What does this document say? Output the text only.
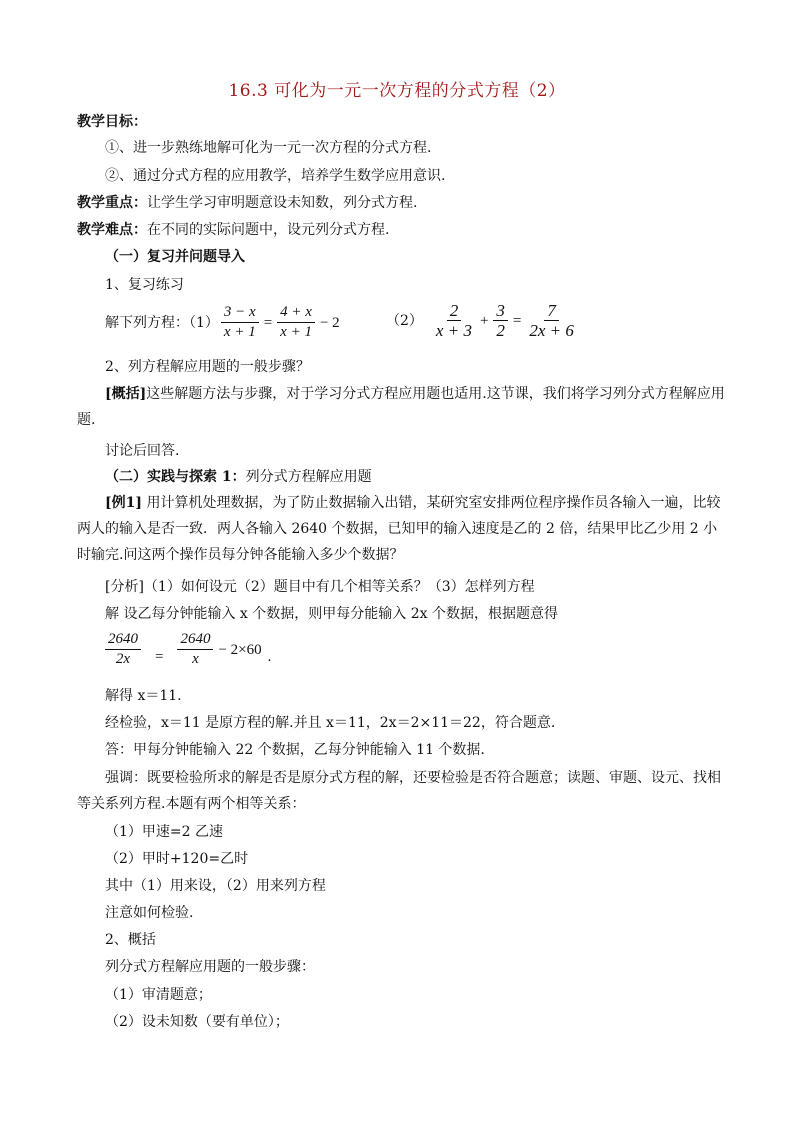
16.3 可化为一元一次方程的分式方程（2）
教学目标：
①、进一步熟练地解可化为一元一次方程的分式方程.
②、通过分式方程的应用教学，培养学生数学应用意识.
教学重点：让学生学习审明题意设未知数，列分式方程.
教学难点：在不同的实际问题中，设元列分式方程.
（一）复习并问题导入
1、复习练习
解下列方程：$(1) \frac{3 - x}{x + 1} = \frac{4 + x}{x + 1} - 2$	$(2) \frac{2}{x + 3} + \frac{3}{2} = \frac{7}{2x + 6}$
2、列方程解应用题的一般步骤？
[概括]这些解题方法与步骤，对于学习分式方程应用题也适用.这节课，我们将学习列分式方程解应用题.
讨论后回答.
（二）实践与探索 1：列分式方程解应用题
[例1] 用计算机处理数据，为了防止数据输入出错，某研究室安排两位程序操作员各输入一遍，比较两人的输入是否一致．两人各输入 2640 个数据，已知甲的输入速度是乙的 2 倍，结果甲比乙少用 2 小时输完.问这两个操作员每分钟各能输入多少个数据？
[分析]（1）如何设元（2）题目中有几个相等关系？（3）怎样列方程
解 设乙每分钟能输入 x 个数据，则甲每分能输入 2x 个数据，根据题意得
$\frac{2640}{2x} = \frac{2640}{x} - 2\times 60$ .
解得 x＝11.
经检验，x＝11 是原方程的解.并且 x＝11，2x＝2×11＝22，符合题意.
答：甲每分钟能输入 22 个数据，乙每分钟能输入 11 个数据.
强调：既要检验所求的解是否是原分式方程的解，还要检验是否符合题意；读题、审题、设元、找相等关系列方程.本题有两个相等关系：
（1）甲速=2 乙速
（2）甲时+120=乙时
其中（1）用来设，（2）用来列方程
注意如何检验.
2、概括
列分式方程解应用题的一般步骤：
（1）审清题意；
（2）设未知数（要有单位）；
